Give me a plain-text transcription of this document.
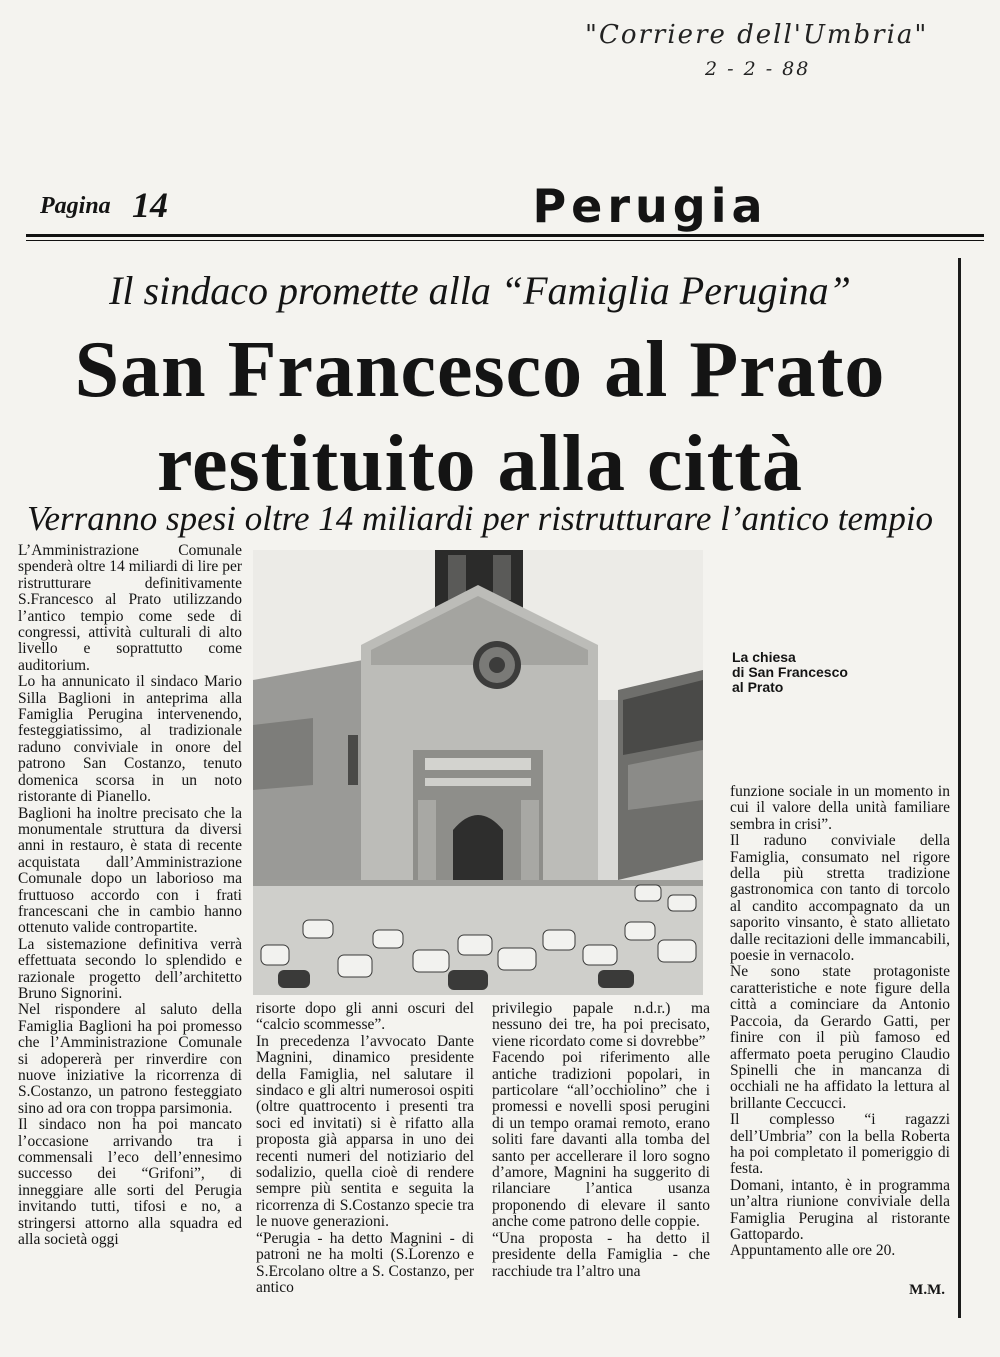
"Corriere dell'Umbria"
2 - 2 - 88
Pagina 14	Perugia
Il sindaco promette alla “Famiglia Perugina”
San Francesco al Prato
restituito alla città
Verranno spesi oltre 14 miliardi per ristrutturare l’antico tempio
L’Amministrazione Comunale spenderà oltre 14 miliardi di lire per ristrutturare definitivamente S.Francesco al Prato utilizzando l’antico tempio come sede di congressi, attività culturali di alto livello e soprattutto come auditorium.
Lo ha annunicato il sindaco Mario Silla Baglioni in anteprima alla Famiglia Perugina intervenendo, festeggiatissimo, al tradizionale raduno conviviale in onore del patrono San Costanzo, tenuto domenica scorsa in un noto ristorante di Pianello.
Baglioni ha inoltre precisato che la monumentale struttura da diversi anni in restauro, è stata di recente acquistata dall’Amministrazione Comunale dopo un laborioso ma fruttuoso accordo con i frati francescani che in cambio hanno ottenuto valide contropartite.
La sistemazione definitiva verrà effettuata secondo lo splendido e razionale progetto dell’architetto Bruno Signorini.
Nel rispondere al saluto della Famiglia Baglioni ha poi promesso che l’Amministrazione Comunale si adopererà per rinverdire con nuove iniziative la ricorrenza di S.Costanzo, un patrono festeggiato sino ad ora con troppa parsimonia.
Il sindaco non ha poi mancato l’occasione arrivando tra i commensali l’eco dell’ennesimo successo dei “Grifoni”, di inneggiare alle sorti del Perugia invitando tutti, tifosi e no, a stringersi attorno alla squadra ed alla società oggi
La chiesa
di San Francesco
al Prato
risorte dopo gli anni oscuri del “calcio scommesse”.
In precedenza l’avvocato Dante Magnini, dinamico presidente della Famiglia, nel salutare il sindaco e gli altri numerosoi ospiti (oltre quattrocento i presenti tra soci ed invitati) si è rifatto alla proposta già apparsa in uno dei recenti numeri del notiziario del sodalizio, quella cioè di rendere sempre più sentita e seguita la ricorrenza di S.Costanzo specie tra le nuove generazioni.
“Perugia - ha detto Magnini - di patroni ne ha molti (S.Lorenzo e S.Ercolano oltre a S. Costanzo, per antico
privilegio papale n.d.r.) ma nessuno dei tre, ha poi precisato, viene ricordato come si dovrebbe”
Facendo poi riferimento alle antiche tradizioni popolari, in particolare “all’occhiolino” che i promessi e novelli sposi perugini di un tempo oramai remoto, erano soliti fare davanti alla tomba del santo per accellerare il loro sogno d’amore, Magnini ha suggerito di rilanciare l’antica usanza proponendo di elevare il santo anche come patrono delle coppie.
“Una proposta - ha detto il presidente della Famiglia - che racchiude tra l’altro una
funzione sociale in un momento in cui il valore della unità familiare sembra in crisi”.
Il raduno conviviale della Famiglia, consumato nel rigore della più stretta tradizione gastronomica con tanto di torcolo al candito accompagnato da un saporito vinsanto, è stato allietato dalle recitazioni delle immancabili, poesie in vernacolo.
Ne sono state protagoniste caratteristiche e note figure della città a cominciare da Antonio Paccoia, da Gerardo Gatti, per finire con il più famoso ed affermato poeta perugino Claudio Spinelli che in mancanza di occhiali ne ha affidato la lettura al brillante Ceccucci.
Il complesso “i ragazzi dell’Umbria” con la bella Roberta ha poi completato il pomeriggio di festa.
Domani, intanto, è in programma un’altra riunione conviviale della Famiglia Perugina al ristorante Gattopardo.
Appuntamento alle ore 20.
M.M.
